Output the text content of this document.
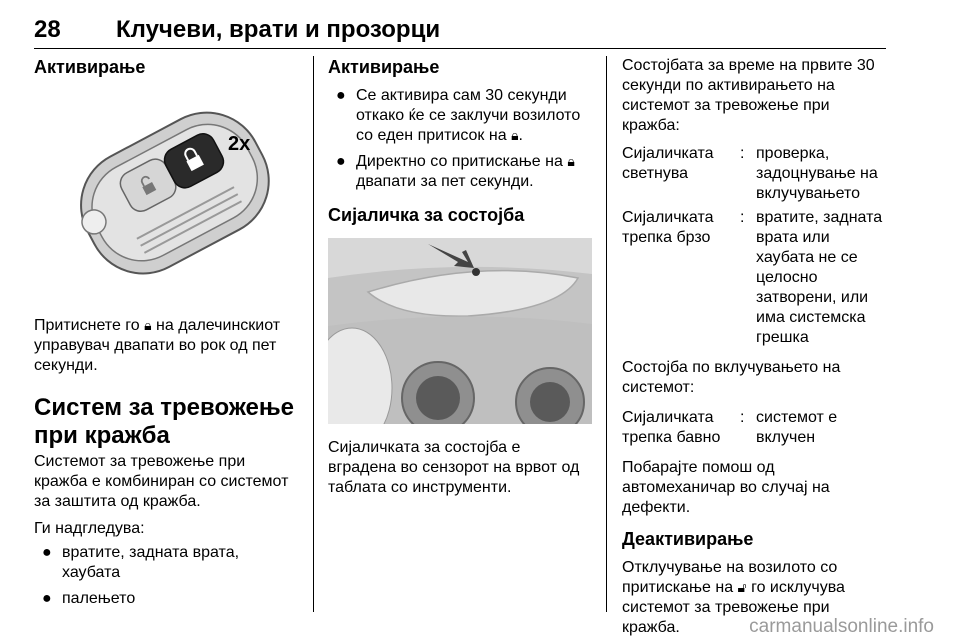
28 Клучеви, врати и прозорци
Активирање
2x

Притиснете го 🔒︎ на далечинскиот управувач двапати во рок од пет секунди.

Систем за тревожење при кражба

Системот за тревожење при кражба е комбиниран со системот за заштита од кражба.

Ги надгледува:

● вратите, задната врата, хаубата
● палењето
Активирање
● Се активира сам 30 секунди откако ќе се заклучи возилото со еден притисок на 🔒︎.
● Директно со притискање на 🔒︎ двапати за пет секунди.
Сијаличка за состојба

Сијаличката за состојба е вградена во сензорот на врвот од таблата со инструменти.

Состојбата за време на првите 30 секунди по активирањето на системот за тревожење при кражба:

Сијаличката светнува
: проверка, задоцнување на вклучувањето
Сијаличката трепка брзо
: вратите, задната врата или хаубата не се целосно затворени, или има системска грешка

Состојба по вклучувањето на системот:

Сијаличката трепка бавно
: системот е вклучен

Побарајте помош од автомеханичар во случај на дефекти.

Деактивирање

Отклучување на возилото со притискање на 🔓︎ го исклучува системот за тревожење при кражба.	carmanualsonline.info
